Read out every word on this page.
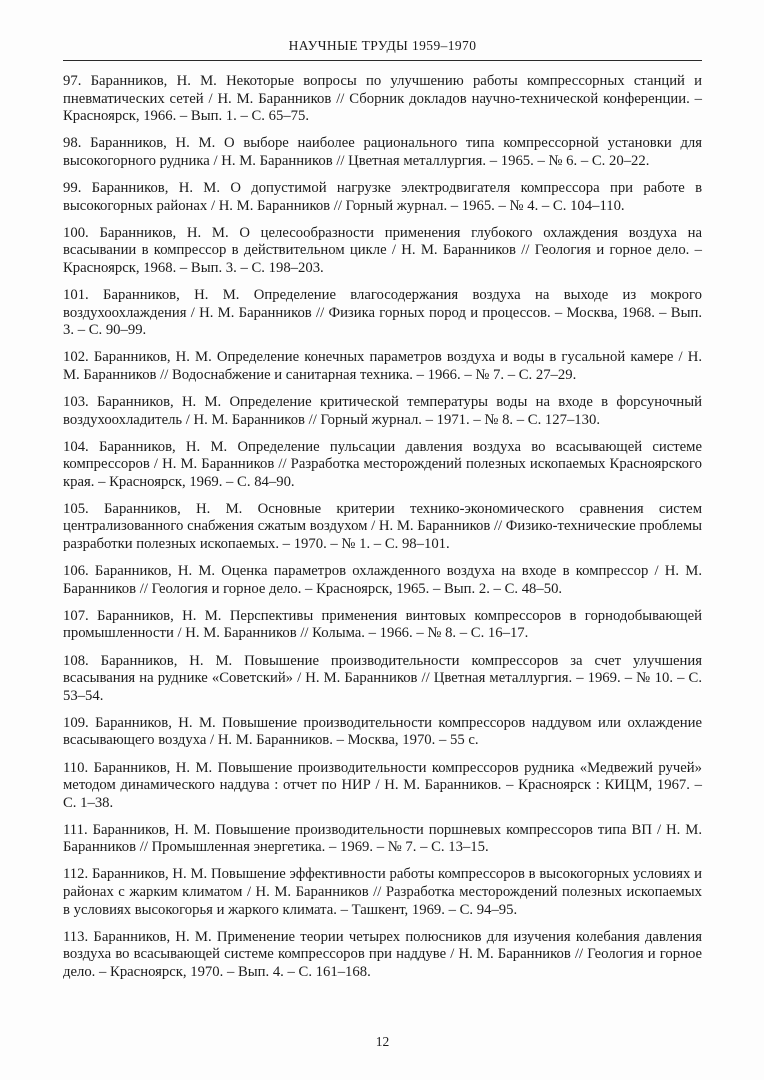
НАУЧНЫЕ ТРУДЫ 1959–1970

97. Баранников, Н. М. Некоторые вопросы по улучшению работы компрессорных станций и пневматических сетей / Н. М. Баранников // Сборник докладов научно-технической конференции. – Красноярск, 1966. – Вып. 1. – С. 65–75.

98. Баранников, Н. М. О выборе наиболее рационального типа компрессорной установки для высокогорного рудника / Н. М. Баранников // Цветная металлургия. – 1965. – № 6. – С. 20–22.

99. Баранников, Н. М. О допустимой нагрузке электродвигателя компрессора при работе в высокогорных районах / Н. М. Баранников // Горный журнал. – 1965. – № 4. – С. 104–110.

100. Баранников, Н. М. О целесообразности применения глубокого охлаждения воздуха на всасывании в компрессор в действительном цикле / Н. М. Баранников // Геология и горное дело. – Красноярск, 1968. – Вып. 3. – С. 198–203.

101. Баранников, Н. М. Определение влагосодержания воздуха на выходе из мокрого воздухоохлаждения / Н. М. Баранников // Физика горных пород и процессов. – Москва, 1968. – Вып. 3. – С. 90–99.

102. Баранников, Н. М. Определение конечных параметров воздуха и воды в гусальной камере / Н. М. Баранников // Водоснабжение и санитарная техника. – 1966. – № 7. – С. 27–29.

103. Баранников, Н. М. Определение критической температуры воды на входе в форсуночный воздухоохладитель / Н. М. Баранников // Горный журнал. – 1971. – № 8. – С. 127–130.

104. Баранников, Н. М. Определение пульсации давления воздуха во всасывающей системе компрессоров / Н. М. Баранников // Разработка месторождений полезных ископаемых Красноярского края. – Красноярск, 1969. – С. 84–90.

105. Баранников, Н. М. Основные критерии технико-экономического сравнения систем централизованного снабжения сжатым воздухом / Н. М. Баранников // Физико-технические проблемы разработки полезных ископаемых. – 1970. – № 1. – С. 98–101.

106. Баранников, Н. М. Оценка параметров охлажденного воздуха на входе в компрессор / Н. М. Баранников // Геология и горное дело. – Красноярск, 1965. – Вып. 2. – С. 48–50.

107. Баранников, Н. М. Перспективы применения винтовых компрессоров в горнодобывающей промышленности / Н. М. Баранников // Колыма. – 1966. – № 8. – С. 16–17.

108. Баранников, Н. М. Повышение производительности компрессоров за счет улучшения всасывания на руднике «Советский» / Н. М. Баранников // Цветная металлургия. – 1969. – № 10. – С. 53–54.

109. Баранников, Н. М. Повышение производительности компрессоров наддувом или охлаждение всасывающего воздуха / Н. М. Баранников. – Москва, 1970. – 55 с.

110. Баранников, Н. М. Повышение производительности компрессоров рудника «Медвежий ручей» методом динамического наддува : отчет по НИР / Н. М. Баранников. – Красноярск : КИЦМ, 1967. – С. 1–38.

111. Баранников, Н. М. Повышение производительности поршневых компрессоров типа ВП / Н. М. Баранников // Промышленная энергетика. – 1969. – № 7. – С. 13–15.

112. Баранников, Н. М. Повышение эффективности работы компрессоров в высокогорных условиях и районах с жарким климатом / Н. М. Баранников // Разработка месторождений полезных ископаемых в условиях высокогорья и жаркого климата. – Ташкент, 1969. – С. 94–95.

113. Баранников, Н. М. Применение теории четырех полюсников для изучения колебания давления воздуха во всасывающей системе компрессоров при наддуве / Н. М. Баранников // Геология и горное дело. – Красноярск, 1970. – Вып. 4. – С. 161–168.

12
